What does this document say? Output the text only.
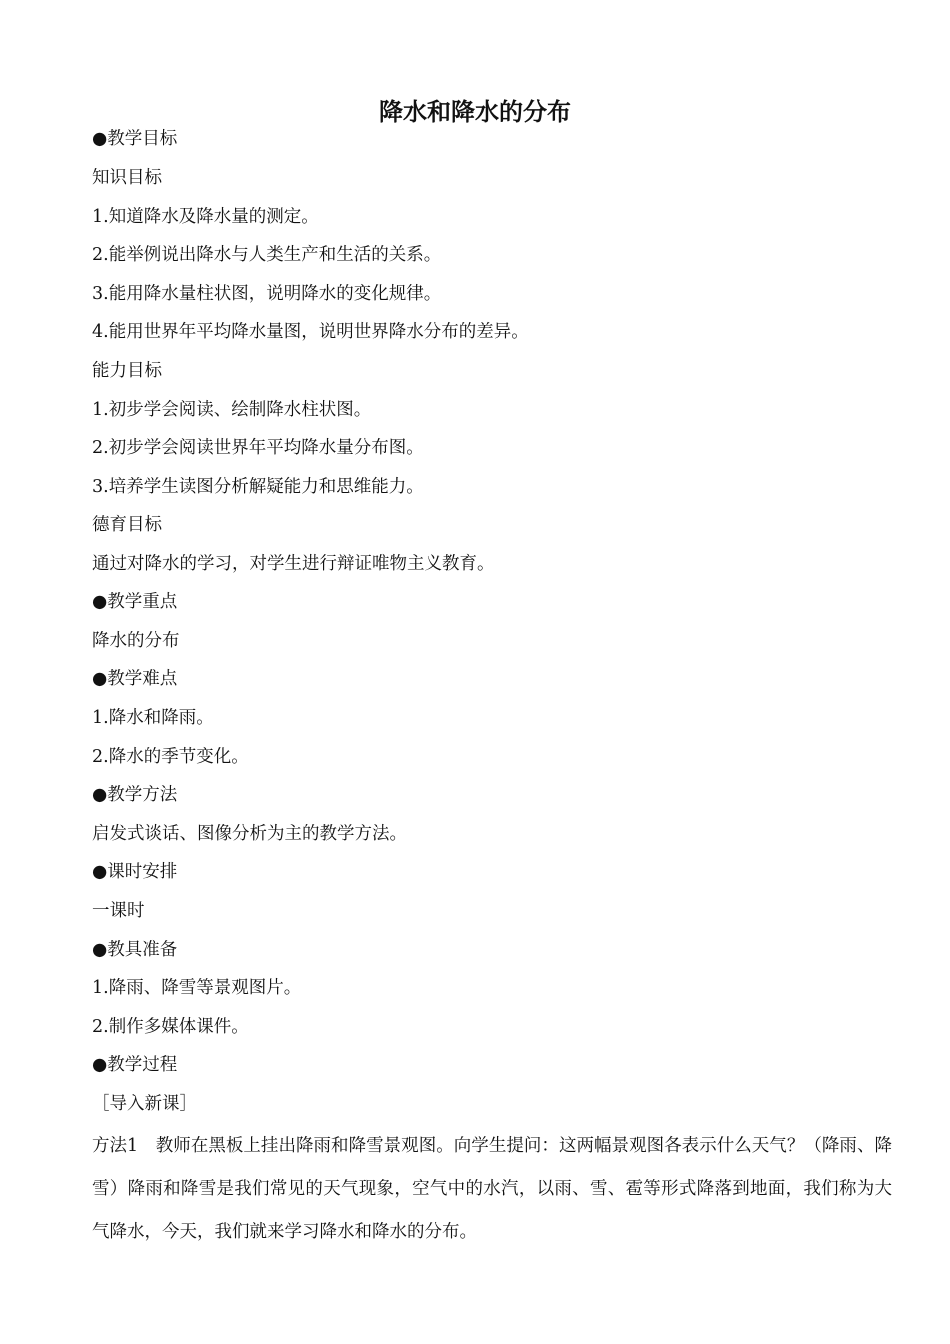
降水和降水的分布
●教学目标
知识目标
1.知道降水及降水量的测定。
2.能举例说出降水与人类生产和生活的关系。
3.能用降水量柱状图，说明降水的变化规律。
4.能用世界年平均降水量图，说明世界降水分布的差异。
能力目标
1.初步学会阅读、绘制降水柱状图。
2.初步学会阅读世界年平均降水量分布图。
3.培养学生读图分析解疑能力和思维能力。
德育目标
通过对降水的学习，对学生进行辩证唯物主义教育。
●教学重点
降水的分布
●教学难点
1.降水和降雨。
2.降水的季节变化。
●教学方法
启发式谈话、图像分析为主的教学方法。
●课时安排
一课时
●教具准备
1.降雨、降雪等景观图片。
2.制作多媒体课件。
●教学过程
［导入新课］
方法1　教师在黑板上挂出降雨和降雪景观图。向学生提问：这两幅景观图各表示什么天气？（降雨、降雪）降雨和降雪是我们常见的天气现象，空气中的水汽，以雨、雪、雹等形式降落到地面，我们称为大气降水，今天，我们就来学习降水和降水的分布。
